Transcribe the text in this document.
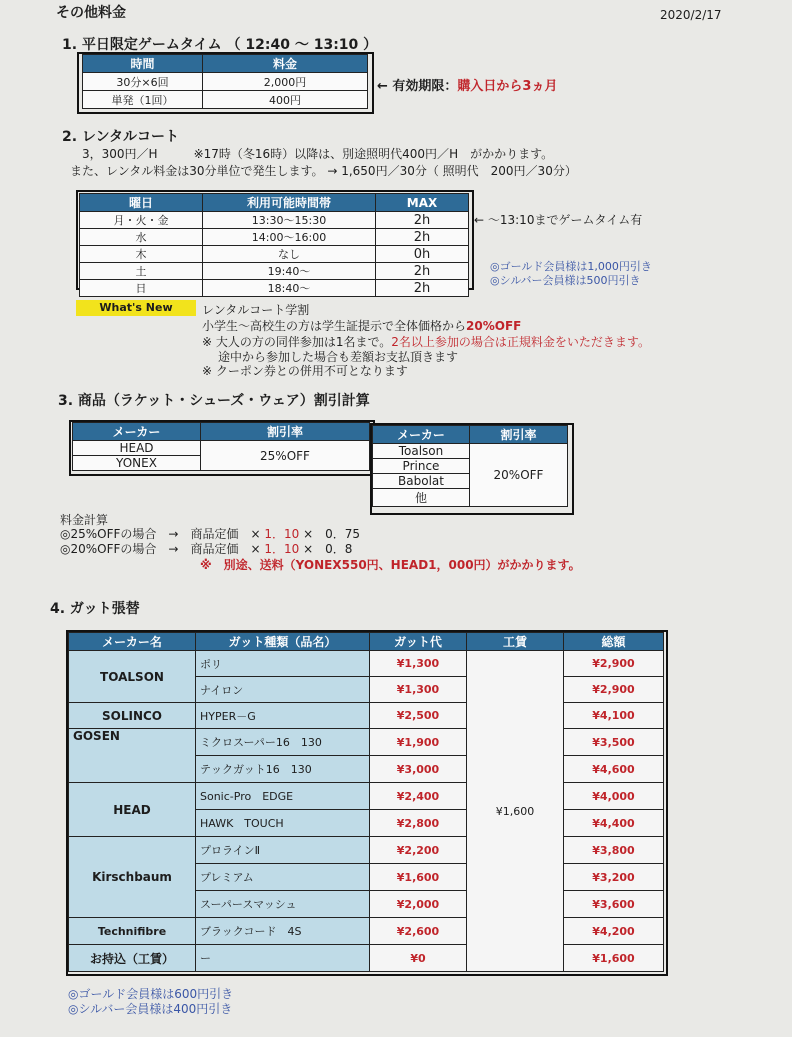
その他料金	2020/2/17
1. 平日限定ゲームタイム （ 12:40 ～ 13:10 ）
時間	料金
30分×6回	2,000円
単発（1回）	400円
← 有効期限：購入日から3ヵ月
2. レンタルコート
3，300円／H　　　※17時（冬16時）以降は、別途照明代400円／H　がかかります。
また、レンタル料金は30分単位で発生します。 → 1,650円／30分（ 照明代　200円／30分）
曜日	利用可能時間帯	MAX
月・火・金	13:30～15:30	2h
水	14:00～16:00	2h
木	なし	0h
土	19:40～	2h
日	18:40～	2h
← ～13:10までゲームタイム有
◎ゴールド会員様は1,000円引き
◎シルバー会員様は500円引き
What's New	レンタルコート学割
小学生～高校生の方は学生証提示で全体価格から20%OFF
※ 大人の方の同伴参加は1名まで。2名以上参加の場合は正規料金をいただきます。
途中から参加した場合も差額お支払頂きます
※ クーポン券との併用不可となります
3. 商品（ラケット・シューズ・ウェア）割引計算
メーカー	割引率
HEAD	25%OFF
YONEX	
メーカー	割引率
Toalson	20%OFF
Prince	
Babolat	
他	
料金計算
◎25%OFFの場合　→　商品定価　× 1．10 ×　0．75
◎20%OFFの場合　→　商品定価　× 1．10 ×　0．8
※　別途、送料（YONEX550円、HEAD1，000円）がかかります。
4. ガット張替
メーカー名	ガット種類（品名）	ガット代	工賃	総額
TOALSON	ポリ	¥1,300	¥1,600	¥2,900
	ナイロン	¥1,300		¥2,900
SOLINCO	HYPER－G	¥2,500		¥4,100
GOSEN	ミクロスーパー16　130	¥1,900		¥3,500
	テックガット16　130	¥3,000		¥4,600
HEAD	Sonic-Pro　EDGE	¥2,400		¥4,000
	HAWK　TOUCH	¥2,800		¥4,400
Kirschbaum	プロラインⅡ	¥2,200		¥3,800
	プレミアム	¥1,600		¥3,200
	スーパースマッシュ	¥2,000		¥3,600
Technifibre	ブラックコード　4S	¥2,600		¥4,200
お持込（工賃）	ー	¥0		¥1,600
◎ゴールド会員様は600円引き
◎シルバー会員様は400円引き
